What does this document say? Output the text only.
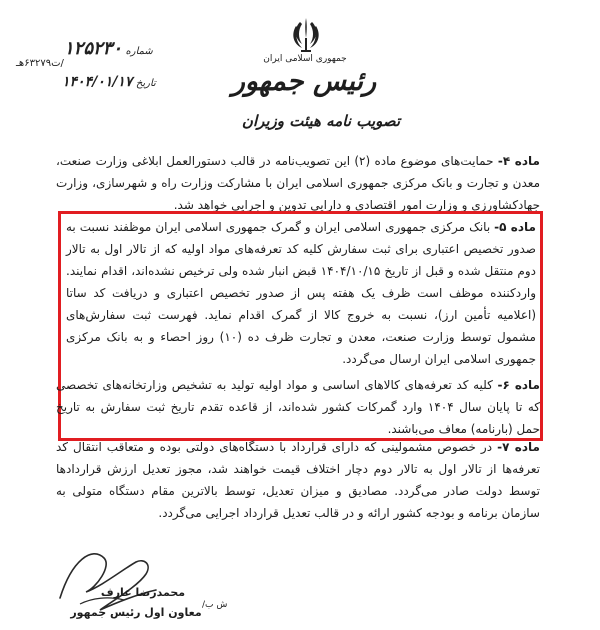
شماره ۱۲۵۲۳۰
/ت۶۳۲۷۹هـ
تاریخ ۱۴۰۴/۰۱/۱۷
جمهوری اسلامی ایران
رئیس جمهور
تصویب نامه هیئت وزیران
ماده ۴- حمایت‌های موضوع ماده (۲) این تصویب‌نامه در قالب دستورالعمل ابلاغی وزارت صنعت، معدن و تجارت و بانک مرکزی جمهوری اسلامی ایران با مشارکت وزارت راه و شهرسازی، وزارت جهادکشاورزی و وزارت امور اقتصادی و دارایی تدوین و اجرایی خواهد شد.
ماده ۵- بانک مرکزی جمهوری اسلامی ایران و گمرک جمهوری اسلامی ایران موظفند نسبت به صدور تخصیص اعتباری برای ثبت سفارش کلیه کد تعرفه‌های مواد اولیه که از تالار اول به تالار دوم منتقل شده و قبل از تاریخ ۱۴۰۴/۱۰/۱۵ قبض انبار شده ولی ترخیص نشده‌اند، اقدام نمایند. واردکننده موظف است ظرف یک هفته پس از صدور تخصیص اعتباری و دریافت کد ساتا (اعلامیه تأمین ارز)، نسبت به خروج کالا از گمرک اقدام نماید. فهرست ثبت سفارش‌های مشمول توسط وزارت صنعت، معدن و تجارت ظرف ده (۱۰) روز احصاء و به بانک مرکزی جمهوری اسلامی ایران ارسال می‌گردد.
ماده ۶- کلیه کد تعرفه‌های کالاهای اساسی و مواد اولیه تولید به تشخیص وزارتخانه‌های تخصصی که تا پایان سال ۱۴۰۴ وارد گمرکات کشور شده‌اند، از قاعده تقدم تاریخ ثبت سفارش به تاریخ حمل (بارنامه) معاف می‌باشند.
ماده ۷- در خصوص مشمولینی که دارای قرارداد با دستگاه‌های دولتی بوده و متعاقب انتقال کد تعرفه‌ها از تالار اول به تالار دوم دچار اختلاف قیمت خواهند شد، مجوز تعدیل ارزش قراردادها توسط دولت صادر می‌گردد. مصادیق و میزان تعدیل، توسط بالاترین مقام دستگاه متولی به سازمان برنامه و بودجه کشور ارائه و در قالب تعدیل قرارداد اجرایی می‌گردد.
ش ب/
محمدرضا عارف
معاون اول رئیس جمهور
